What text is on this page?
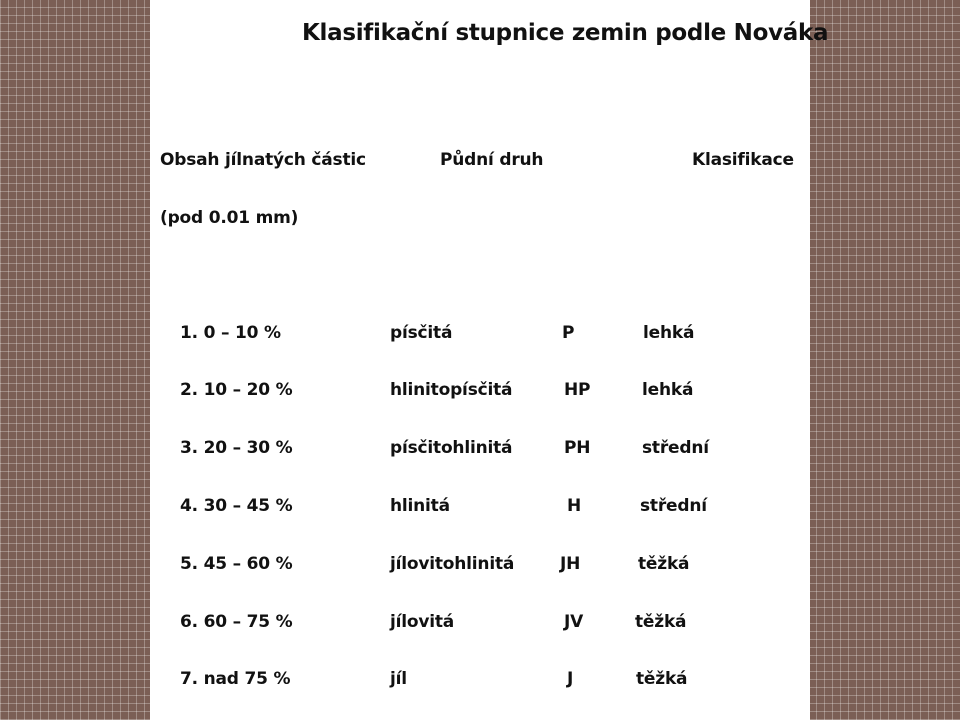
Klasifikační stupnice zemin podle Nováka
Obsah jílnatých částic
(pod 0.01 mm)
Půdní druh	Klasifikace
1. 0 – 10 %	písčitá	P	lehká
2. 10 – 20 %	hlinitopísčitá	HP	lehká
3. 20 – 30 %	písčitohlinitá	PH	střední
4. 30 – 45 %	hlinitá	H	střední
5. 45 – 60 %	jílovitohlinitá	JH	těžká
6. 60 – 75 %	jílovitá	JV	těžká
7. nad 75 %	jíl	J	těžká
